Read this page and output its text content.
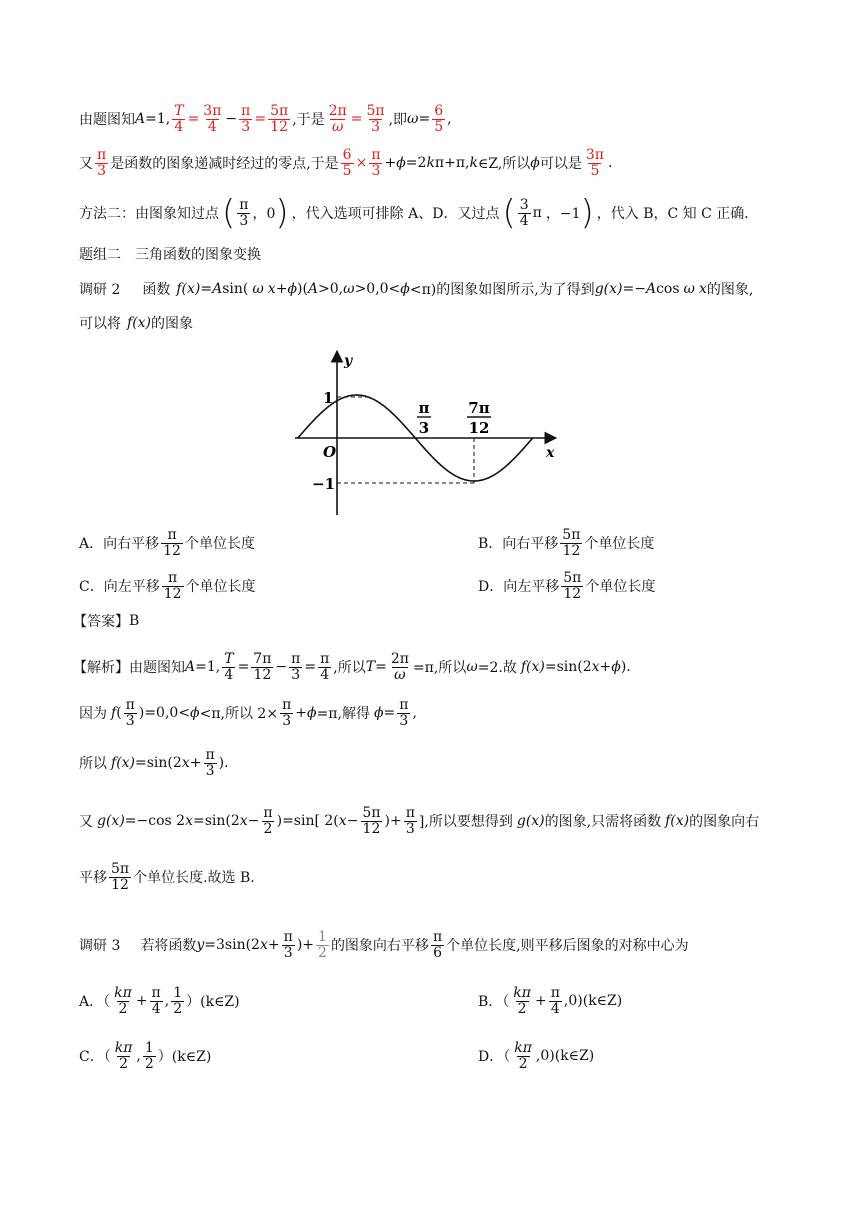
由题图知 A =1, $\frac{T}{4} = \frac{3\pi}{4} - \frac{\pi}{3} = \frac{5\pi}{12}$ ,于是 $\frac{2\pi}{\omega} = \frac{5\pi}{3}$ ,即 $\omega = \frac{6}{5}$ ,
又 $\frac{\pi}{3}$ 是函数的图象递减时经过的零点,于是 $\frac{6}{5} \times \frac{\pi}{3} + \phi =2$ k π+π, k ∈Z,所以 ϕ 可以是 $\frac{3\pi}{5}$ .
方法二：由图象知过点 ( $\frac{\pi}{3}$ ，0 ) ，代入选项可排除 A、D．又过点 ( $\frac{3}{4}$ π ，−1 ) ，代入 B，C 知 C 正确．
题组二　三角函数的图象变换
调研 2 函数 f (x) = A sin( ω x + ϕ )( A >0, ω >0,0< ϕ <π)的图象如图所示,为了得到 g (x) =− A cos ω x 的图象,
可以将 f (x) 的图象
y
x
O
1
−1
π
3
7π
12
A．向右平移 $\frac{\pi}{12}$ 个单位长度	B．向右平移 $\frac{5\pi}{12}$ 个单位长度
C．向左平移 $\frac{\pi}{12}$ 个单位长度	D．向左平移 $\frac{5\pi}{12}$ 个单位长度
【答案】 B
【解析】 由题图知 A =1, $\frac{T}{4} = \frac{7\pi}{12} - \frac{\pi}{3} = \frac{\pi}{4}$ ,所以 $T = \frac{2\pi}{\omega} =\pi$,所以 ω =2.故 f (x) =sin(2 x + ϕ ).
因为 f ( $\frac{\pi}{3} )=0,0< \phi <\pi$,所以 $2\times \frac{\pi}{3} + \phi =\pi$,解得 $\phi = \frac{\pi}{3}$ ,
所以 f (x) =sin(2 $x + \frac{\pi}{3}$ ).
又 g (x) =−cos 2 x =sin(2 $x - \frac{\pi}{2} )=\sin$[ 2( $x - \frac{5\pi}{12}$ )+ $\frac{\pi}{3}$ ],所以要想得到 g (x) 的图象,只需将函数 f (x) 的图象向右
平移 $\frac{5\pi}{12}$ 个单位长度.故选 B.
调研 3 若将函数 y =3sin(2 $x + \frac{\pi}{3}$ )+ $\frac{1}{2}$ 的图象向右平移 $\frac{\pi}{6}$ 个单位长度,则平移后图象的对称中心为
A．（ $\frac{k\pi}{2} + \frac{\pi}{4}$ , $\frac{1}{2}$ ）(k∈Z)	B．（ $\frac{k\pi}{2} + \frac{\pi}{4}$ ,0)(k∈Z)
C．（ $\frac{k\pi}{2}$ , $\frac{1}{2}$ ）(k∈Z)	D．（ $\frac{k\pi}{2}$ ,0)(k∈Z)
